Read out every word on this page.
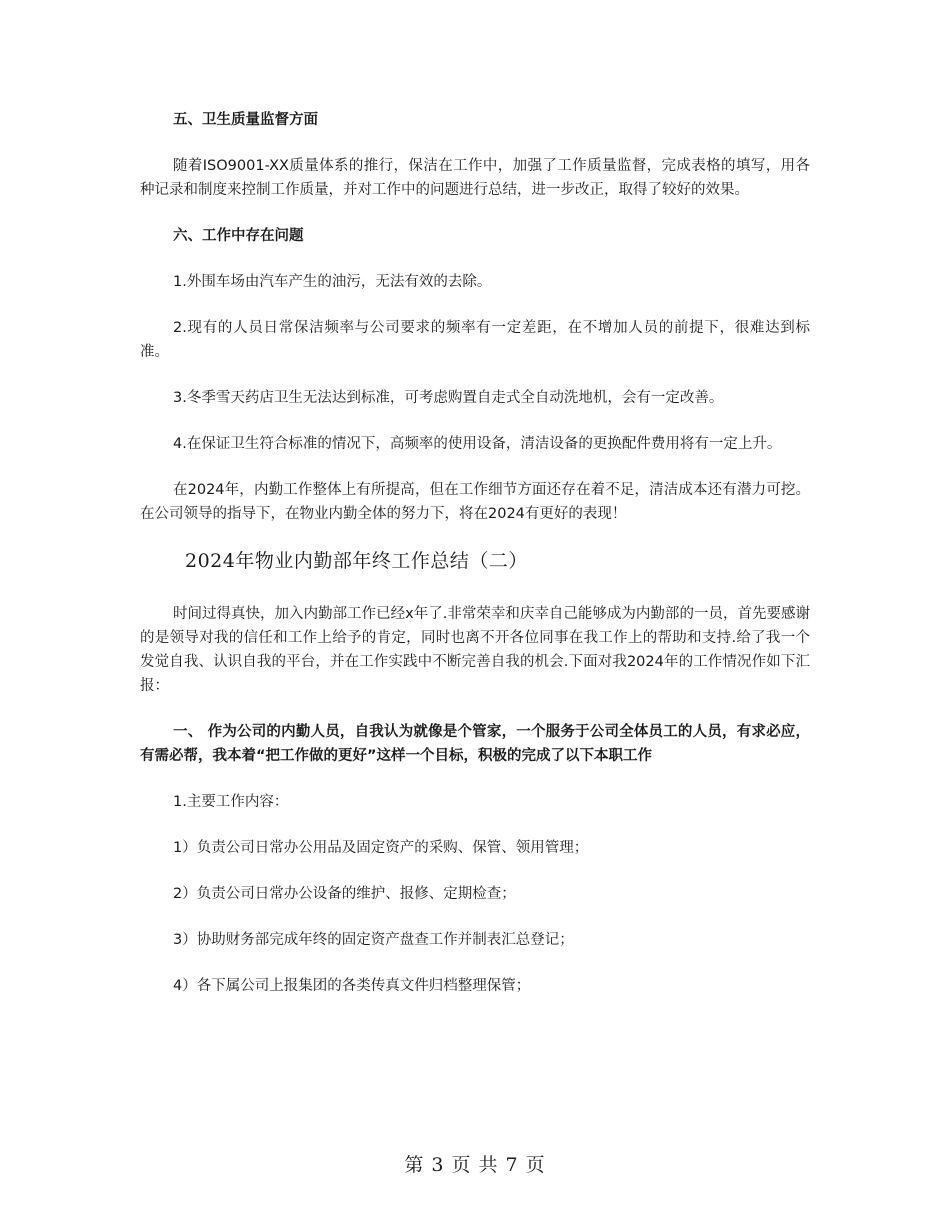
五、卫生质量监督方面
随着ISO9001-XX质量体系的推行，保洁在工作中，加强了工作质量监督，完成表格的填写，用各种记录和制度来控制工作质量，并对工作中的问题进行总结，进一步改正，取得了较好的效果。
六、工作中存在问题
1.外围车场由汽车产生的油污，无法有效的去除。
2.现有的人员日常保洁频率与公司要求的频率有一定差距，在不增加人员的前提下，很难达到标准。
3.冬季雪天药店卫生无法达到标准，可考虑购置自走式全自动洗地机，会有一定改善。
4.在保证卫生符合标准的情况下，高频率的使用设备，清洁设备的更换配件费用将有一定上升。
在2024年，内勤工作整体上有所提高，但在工作细节方面还存在着不足，清洁成本还有潜力可挖。在公司领导的指导下，在物业内勤全体的努力下，将在2024有更好的表现！
2024年物业内勤部年终工作总结（二）
时间过得真快，加入内勤部工作已经x年了.非常荣幸和庆幸自己能够成为内勤部的一员，首先要感谢的是领导对我的信任和工作上给予的肯定，同时也离不开各位同事在我工作上的帮助和支持.给了我一个发觉自我、认识自我的平台，并在工作实践中不断完善自我的机会.下面对我2024年的工作情况作如下汇报：
一、 作为公司的内勤人员，自我认为就像是个管家，一个服务于公司全体员工的人员，有求必应，有需必帮，我本着“把工作做的更好”这样一个目标，积极的完成了以下本职工作
1.主要工作内容：
1）负责公司日常办公用品及固定资产的采购、保管、领用管理；
2）负责公司日常办公设备的维护、报修、定期检查；
3）协助财务部完成年终的固定资产盘查工作并制表汇总登记；
4）各下属公司上报集团的各类传真文件归档整理保管；
第 3 页 共 7 页
